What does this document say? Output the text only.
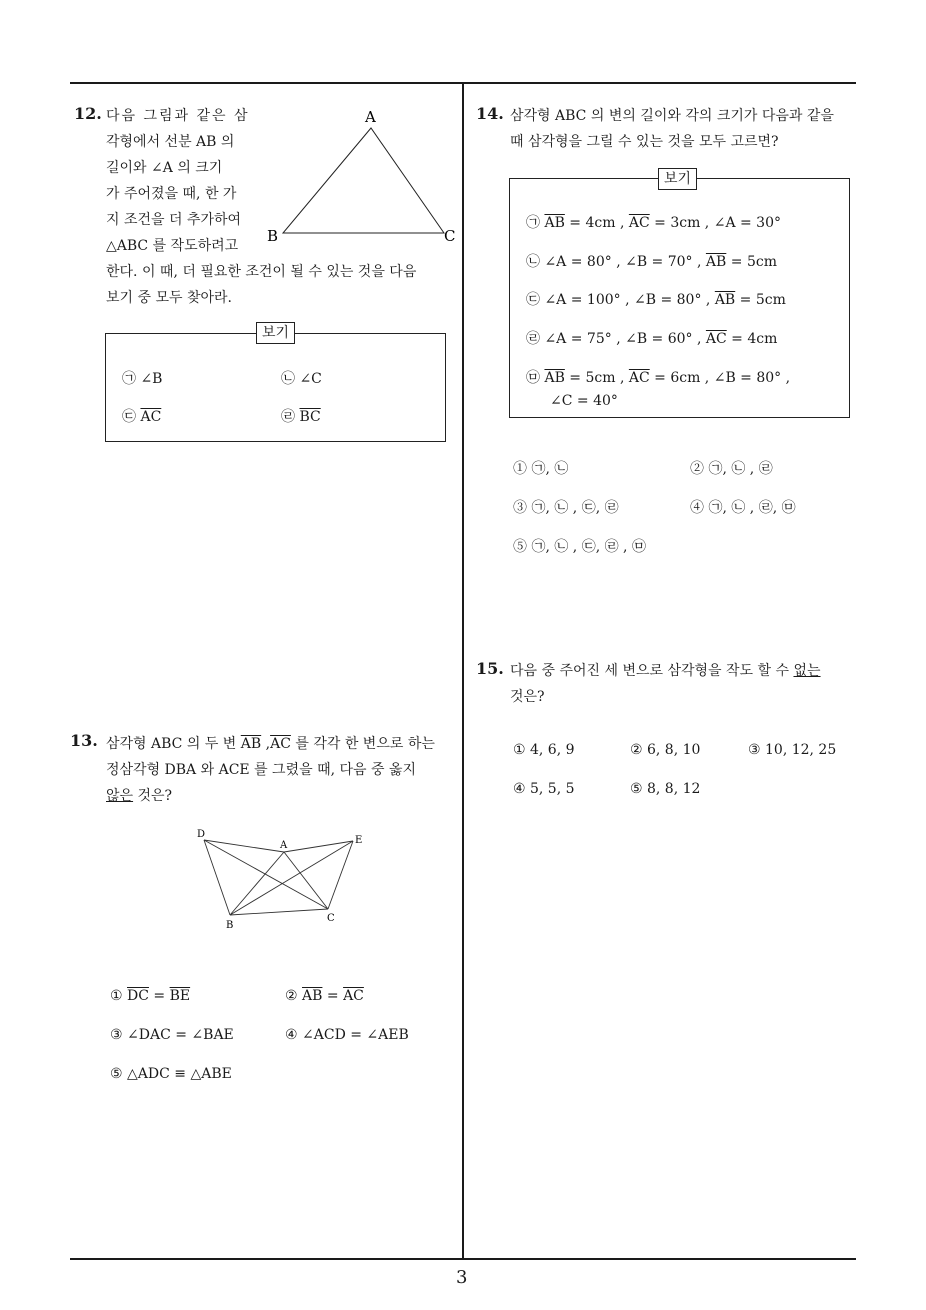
12. 다음 그림과 같은 삼
각형에서 선분 AB 의
길이와 ∠A 의 크기
가 주어졌을 때, 한 가
지 조건을 더 추가하여
△ABC 를 작도하려고
한다. 이 때, 더 필요한 조건이 될 수 있는 것을 다음
보기 중 모두 찾아라.
A
B	C
보기
㉠ ∠B	㉡ ∠C
㉢ $\overline{AC}$	㉣ $\overline{BC}$
13. 삼각형 ABC 의 두 변 $\overline{AB}$ $,\overline{AC}$ 를 각각 한 변으로 하는
정삼각형 DBA 와 ACE 를 그렸을 때, 다음 중 옳지
않은 것은?
D
A	E
B
C
① $\overline{DC} = \overline{BE}$	② $\overline{AB} = \overline{AC}$
③ ∠DAC = ∠BAE	④ ∠ACD = ∠AEB
⑤ △ADC ≡ △ABE
14. 삼각형 ABC 의 변의 길이와 각의 크기가 다음과 같을
때 삼각형을 그릴 수 있는 것을 모두 고르면?
보기
㉠ $\overline{AB} = 4cm$ , $\overline{AC} = 3cm$ , ∠A = 30°
㉡ ∠A = 80° , ∠B = 70° , $\overline{AB} = 5cm$
㉢ ∠A = 100° , ∠B = 80° , $\overline{AB} = 5cm$
㉣ ∠A = 75° , ∠B = 60° , $\overline{AC} = 4cm$
㉤ $\overline{AB} = 5cm$ , $\overline{AC} = 6cm$ , ∠B = 80° ,
∠C = 40°
① ㉠, ㉡	② ㉠, ㉡ , ㉣
③ ㉠, ㉡ , ㉢, ㉣	④ ㉠, ㉡ , ㉣, ㉤
⑤ ㉠, ㉡ , ㉢, ㉣ , ㉤
15. 다음 중 주어진 세 변으로 삼각형을 작도 할 수 없는
것은?
① 4, 6, 9	② 6, 8, 10	③ 10, 12, 25
④ 5, 5, 5	⑤ 8, 8, 12
3
